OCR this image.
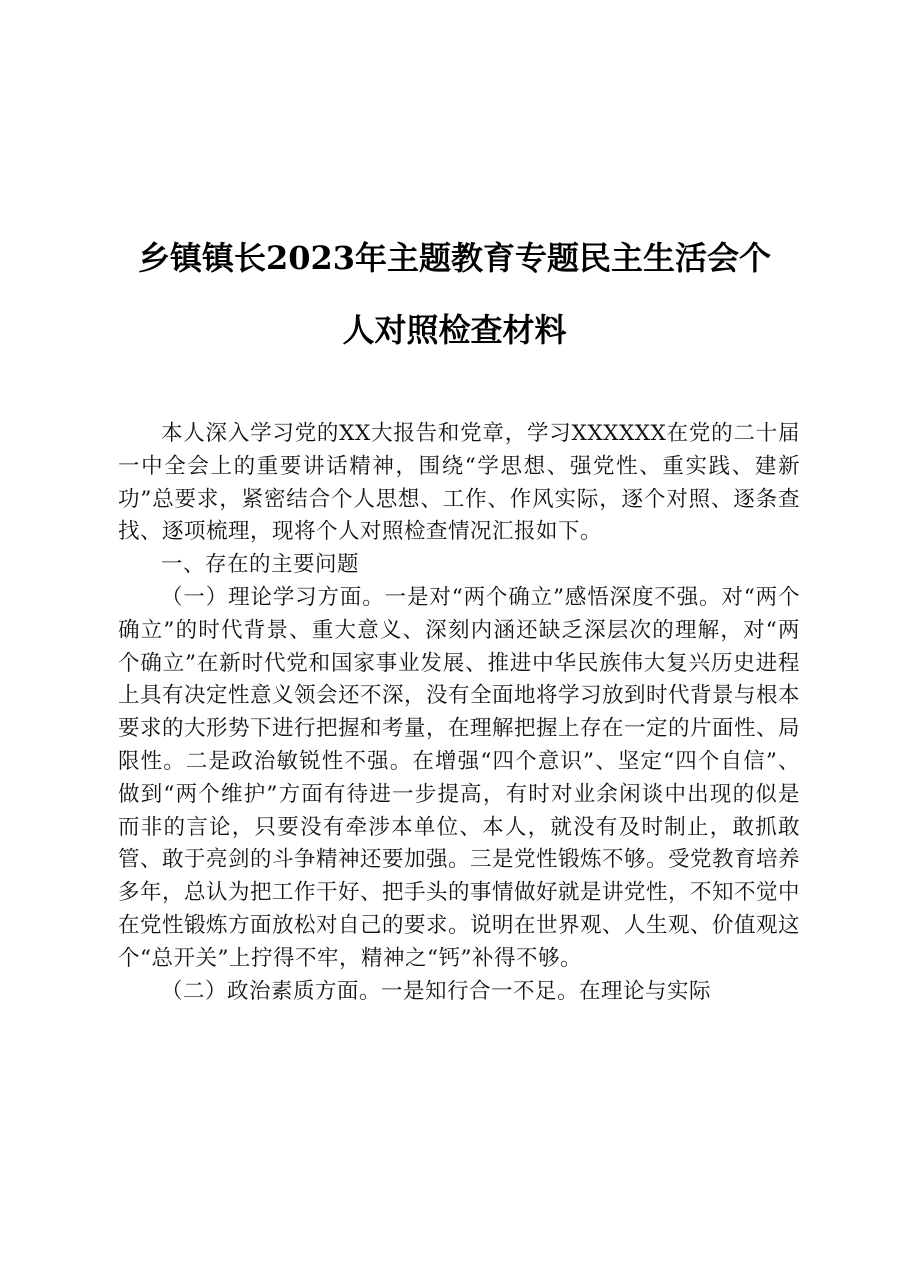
乡镇镇长2023年主题教育专题民主生活会个
人对照检查材料

本人深入学习党的XX大报告和党章，学习XXXXXX在党的二十届一中全会上的重要讲话精神，围绕“学思想、强党性、重实践、建新功”总要求，紧密结合个人思想、工作、作风实际，逐个对照、逐条查找、逐项梳理，现将个人对照检查情况汇报如下。

一、存在的主要问题

（一）理论学习方面。一是对“两个确立”感悟深度不强。对“两个确立”的时代背景、重大意义、深刻内涵还缺乏深层次的理解，对“两个确立”在新时代党和国家事业发展、推进中华民族伟大复兴历史进程上具有决定性意义领会还不深，没有全面地将学习放到时代背景与根本要求的大形势下进行把握和考量，在理解把握上存在一定的片面性、局限性。二是政治敏锐性不强。在增强“四个意识”、坚定“四个自信”、做到“两个维护”方面有待进一步提高，有时对业余闲谈中出现的似是而非的言论，只要没有牵涉本单位、本人，就没有及时制止，敢抓敢管、敢于亮剑的斗争精神还要加强。三是党性锻炼不够。受党教育培养多年，总认为把工作干好、把手头的事情做好就是讲党性，不知不觉中在党性锻炼方面放松对自己的要求。说明在世界观、人生观、价值观这个“总开关”上拧得不牢，精神之“钙”补得不够。

（二）政治素质方面。一是知行合一不足。在理论与实际
